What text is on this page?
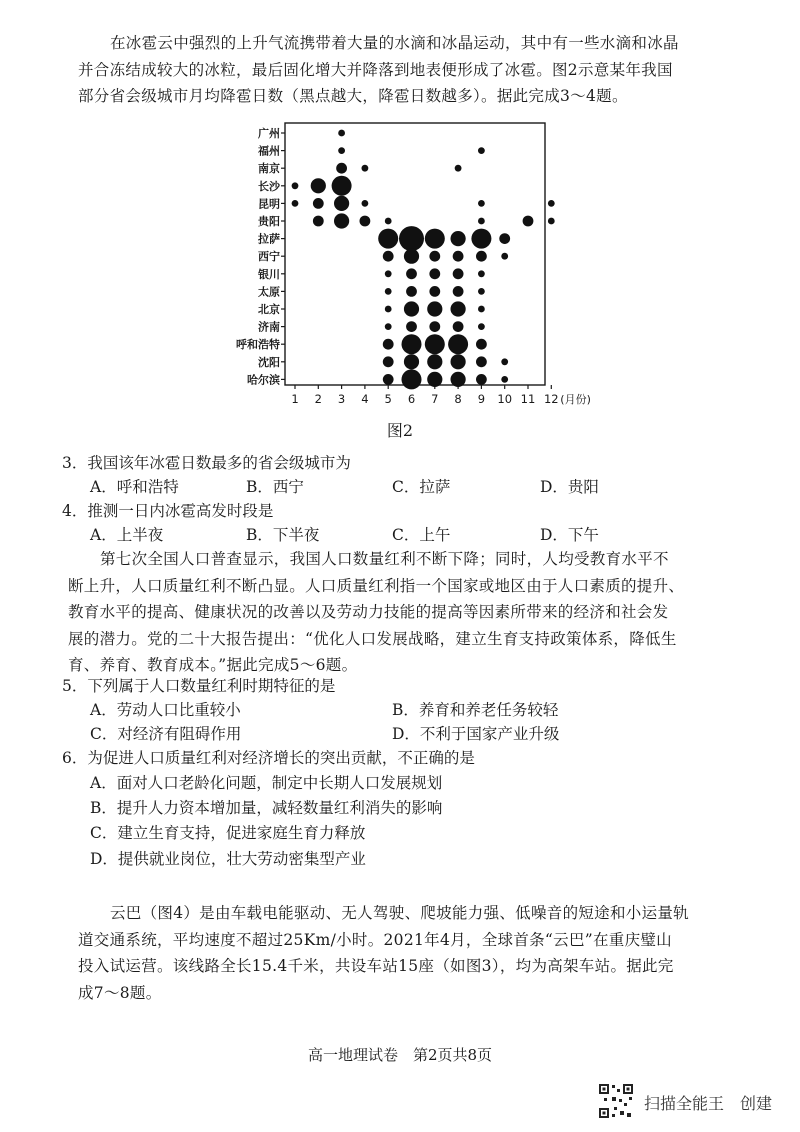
在冰雹云中强烈的上升气流携带着大量的水滴和冰晶运动，其中有一些水滴和冰晶
并合冻结成较大的冰粒，最后固化增大并降落到地表便形成了冰雹。图2示意某年我国
部分省会级城市月均降雹日数（黑点越大，降雹日数越多）。据此完成3～4题。
广州
福州
南京
长沙
昆明
贵阳
拉萨
西宁
银川
太原
北京
济南
呼和浩特
沈阳
哈尔滨
1 2 3 4 5 6 7 8 9 10 11 12 (月份)
图2
3．我国该年冰雹日数最多的省会级城市为
A．呼和浩特	B．西宁	C．拉萨	D．贵阳
4．推测一日内冰雹高发时段是
A．上半夜	B．下半夜	C．上午	D．下午
第七次全国人口普查显示，我国人口数量红利不断下降；同时，人均受教育水平不
断上升，人口质量红利不断凸显。人口质量红利指一个国家或地区由于人口素质的提升、
教育水平的提高、健康状况的改善以及劳动力技能的提高等因素所带来的经济和社会发
展的潜力。党的二十大报告提出：“优化人口发展战略，建立生育支持政策体系，降低生
育、养育、教育成本。”据此完成5～6题。
5．下列属于人口数量红利时期特征的是
A．劳动人口比重较小	B．养育和养老任务较轻
C．对经济有阻碍作用	D．不利于国家产业升级
6．为促进人口质量红利对经济增长的突出贡献，不正确的是
A．面对人口老龄化问题，制定中长期人口发展规划
B．提升人力资本增加量，减轻数量红利消失的影响
C．建立生育支持，促进家庭生育力释放
D．提供就业岗位，壮大劳动密集型产业
云巴（图4）是由车载电能驱动、无人驾驶、爬坡能力强、低噪音的短途和小运量轨
道交通系统，平均速度不超过25Km/小时。2021年4月，全球首条“云巴”在重庆璧山
投入试运营。该线路全长15.4千米，共设车站15座（如图3），均为高架车站。据此完
成7～8题。
高一地理试卷　第2页共8页
扫描全能王　创建
